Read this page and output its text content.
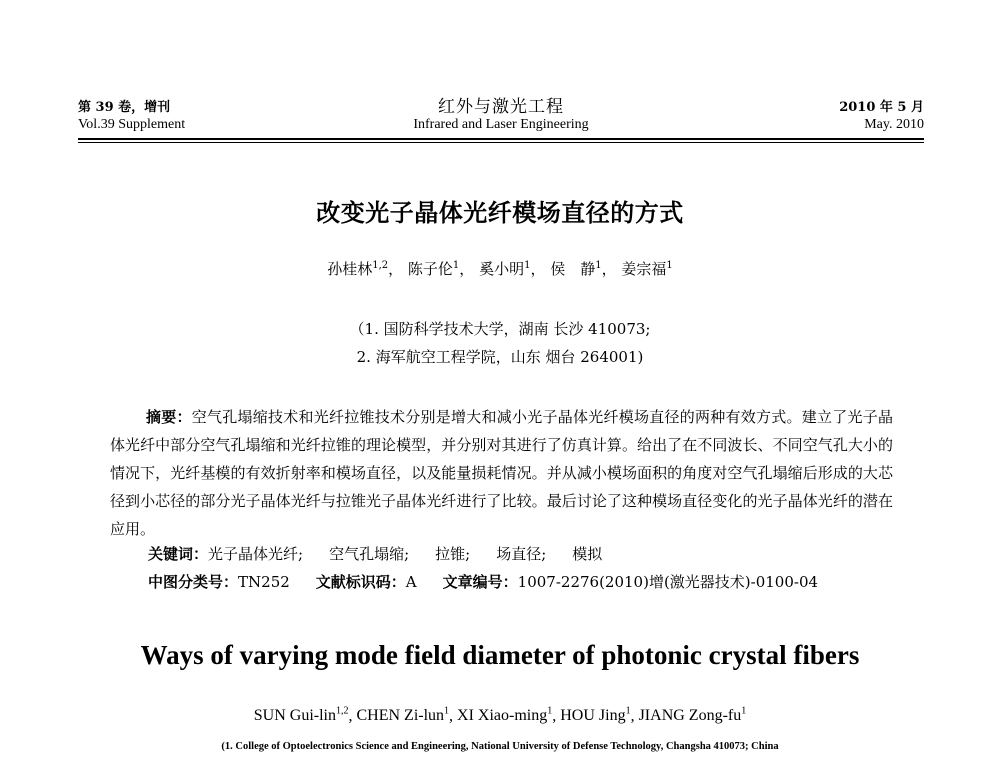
第 39 卷，增刊	红外与激光工程	2010 年 5 月
Vol.39 Supplement	Infrared and Laser Engineering	May. 2010
改变光子晶体光纤模场直径的方式
孙桂林$^{1,2}$， 陈子伦$^1$， 奚小明$^1$， 侯　静$^1$， 姜宗福$^1$
（1. 国防科学技术大学，湖南 长沙 410073;
2. 海军航空工程学院，山东 烟台 264001)

摘要：空气孔塌缩技术和光纤拉锥技术分别是增大和减小光子晶体光纤模场直径的两种有效方式。建立了光子晶体光纤中部分空气孔塌缩和光纤拉锥的理论模型，并分别对其进行了仿真计算。给出了在不同波长、不同空气孔大小的情况下，光纤基模的有效折射率和模场直径，以及能量损耗情况。并从减小模场面积的角度对空气孔塌缩后形成的大芯径到小芯径的部分光子晶体光纤与拉锥光子晶体光纤进行了比较。最后讨论了这种模场直径变化的光子晶体光纤的潜在应用。

关键词：光子晶体光纤; 空气孔塌缩; 拉锥; 场直径; 模拟
中图分类号：TN252 文献标识码：A 文章编号：1007-2276(2010)增(激光器技术)-0100-04
Ways of varying mode field diameter of photonic crystal fibers
SUN Gui-lin$^{1,2}$, CHEN Zi-lun$^1$, XI Xiao-ming$^1$, HOU Jing$^1$, JIANG Zong-$fu^1$
(1. College of Optoelectronics Science and Engineering, National University of Defense Technology, Changsha 410073; China
